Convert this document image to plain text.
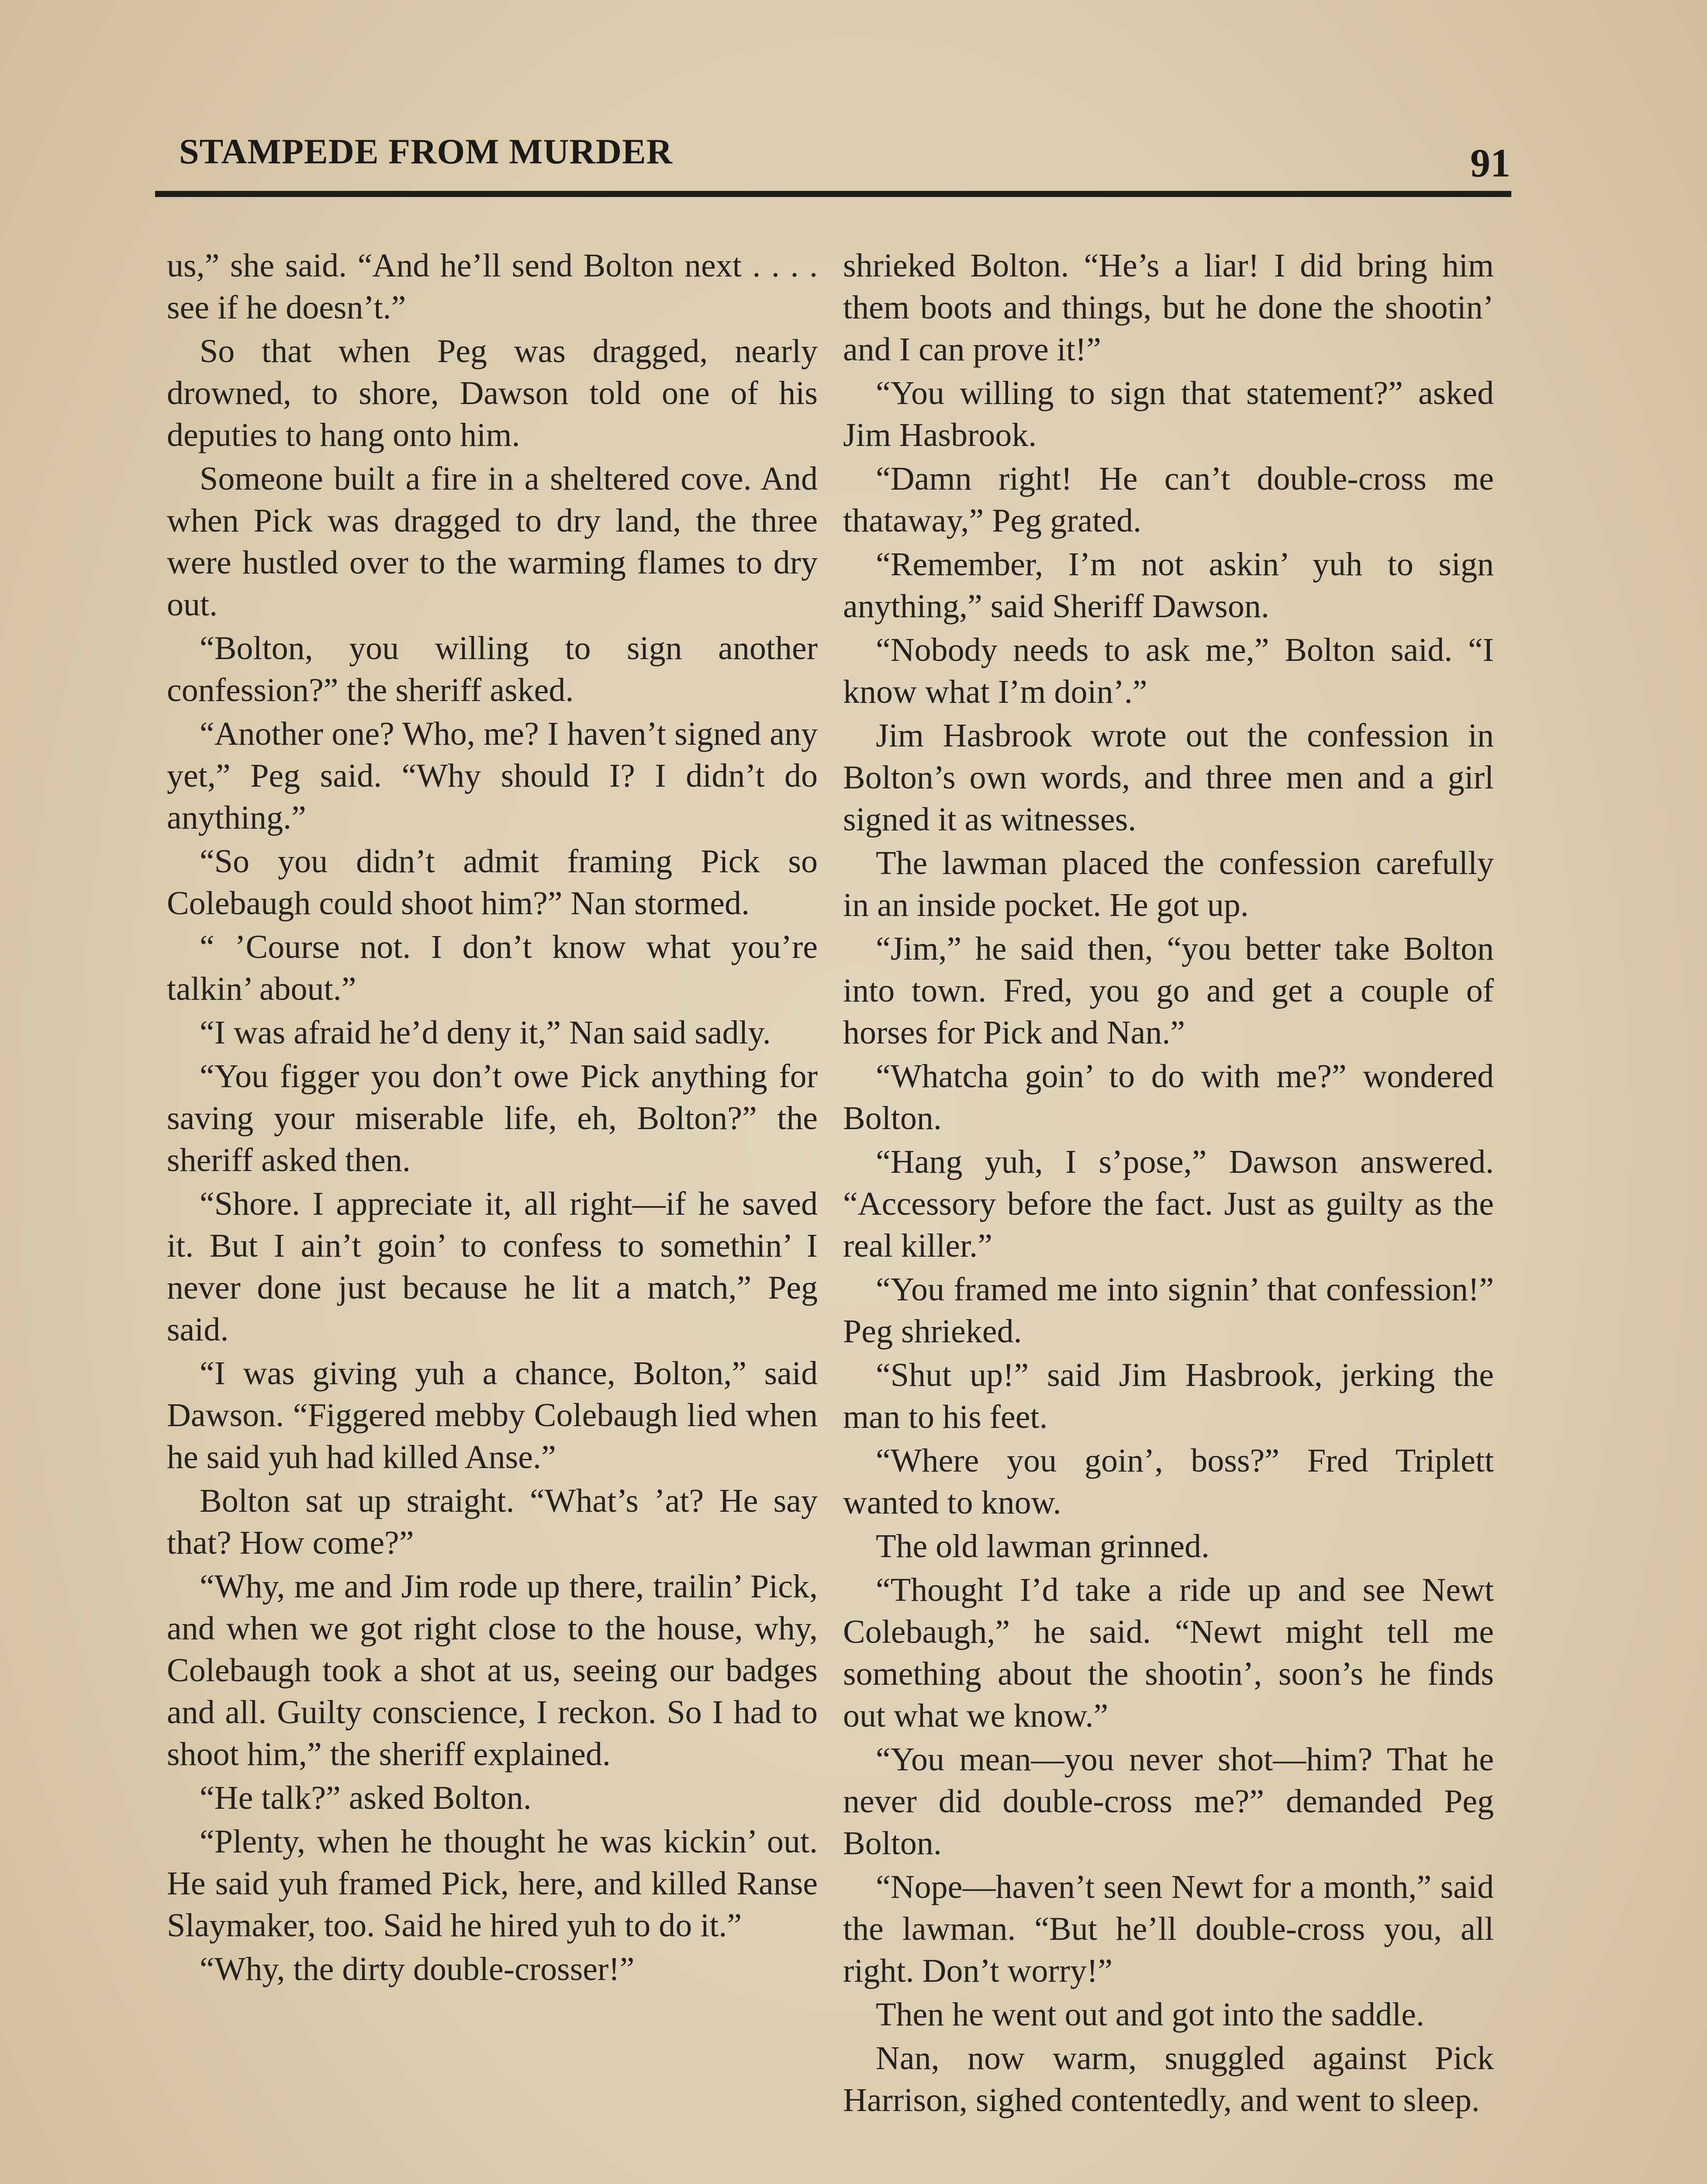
STAMPEDE FROM MURDER	91

us,” she said. “And he’ll send Bolton next . . . . see if he doesn’t.”

So that when Peg was dragged, nearly drowned, to shore, Dawson told one of his deputies to hang onto him.

Someone built a fire in a sheltered cove. And when Pick was dragged to dry land, the three were hustled over to the warming flames to dry out.

“Bolton, you willing to sign another confession?” the sheriff asked.

“Another one? Who, me? I haven’t signed any yet,” Peg said. “Why should I? I didn’t do anything.”

“So you didn’t admit framing Pick so Colebaugh could shoot him?” Nan stormed.

“ ’Course not. I don’t know what you’re talkin’ about.”

“I was afraid he’d deny it,” Nan said sadly.

“You figger you don’t owe Pick anything for saving your miserable life, eh, Bolton?” the sheriff asked then.

“Shore. I appreciate it, all right—if he saved it. But I ain’t goin’ to confess to somethin’ I never done just because he lit a match,” Peg said.

“I was giving yuh a chance, Bolton,” said Dawson. “Figgered mebby Colebaugh lied when he said yuh had killed Anse.”

Bolton sat up straight. “What’s ’at? He say that? How come?”

“Why, me and Jim rode up there, trailin’ Pick, and when we got right close to the house, why, Colebaugh took a shot at us, seeing our badges and all. Guilty conscience, I reckon. So I had to shoot him,” the sheriff explained.

“He talk?” asked Bolton.

“Plenty, when he thought he was kickin’ out. He said yuh framed Pick, here, and killed Ranse Slaymaker, too. Said he hired yuh to do it.”

“Why, the dirty double-crosser!”

shrieked Bolton. “He’s a liar! I did bring him them boots and things, but he done the shootin’ and I can prove it!”

“You willing to sign that statement?” asked Jim Hasbrook.

“Damn right! He can’t double-cross me thataway,” Peg grated.

“Remember, I’m not askin’ yuh to sign anything,” said Sheriff Dawson.

“Nobody needs to ask me,” Bolton said. “I know what I’m doin’.”

Jim Hasbrook wrote out the confession in Bolton’s own words, and three men and a girl signed it as witnesses.

The lawman placed the confession carefully in an inside pocket. He got up.

“Jim,” he said then, “you better take Bolton into town. Fred, you go and get a couple of horses for Pick and Nan.”

“Whatcha goin’ to do with me?” wondered Bolton.

“Hang yuh, I s’pose,” Dawson answered. “Accessory before the fact. Just as guilty as the real killer.”

“You framed me into signin’ that confession!” Peg shrieked.

“Shut up!” said Jim Hasbrook, jerking the man to his feet.

“Where you goin’, boss?” Fred Triplett wanted to know.

The old lawman grinned.

“Thought I’d take a ride up and see Newt Colebaugh,” he said. “Newt might tell me something about the shootin’, soon’s he finds out what we know.”

“You mean—you never shot—him? That he never did double-cross me?” demanded Peg Bolton.

“Nope—haven’t seen Newt for a month,” said the lawman. “But he’ll double-cross you, all right. Don’t worry!”

Then he went out and got into the saddle.

Nan, now warm, snuggled against Pick Harrison, sighed contentedly, and went to sleep.
